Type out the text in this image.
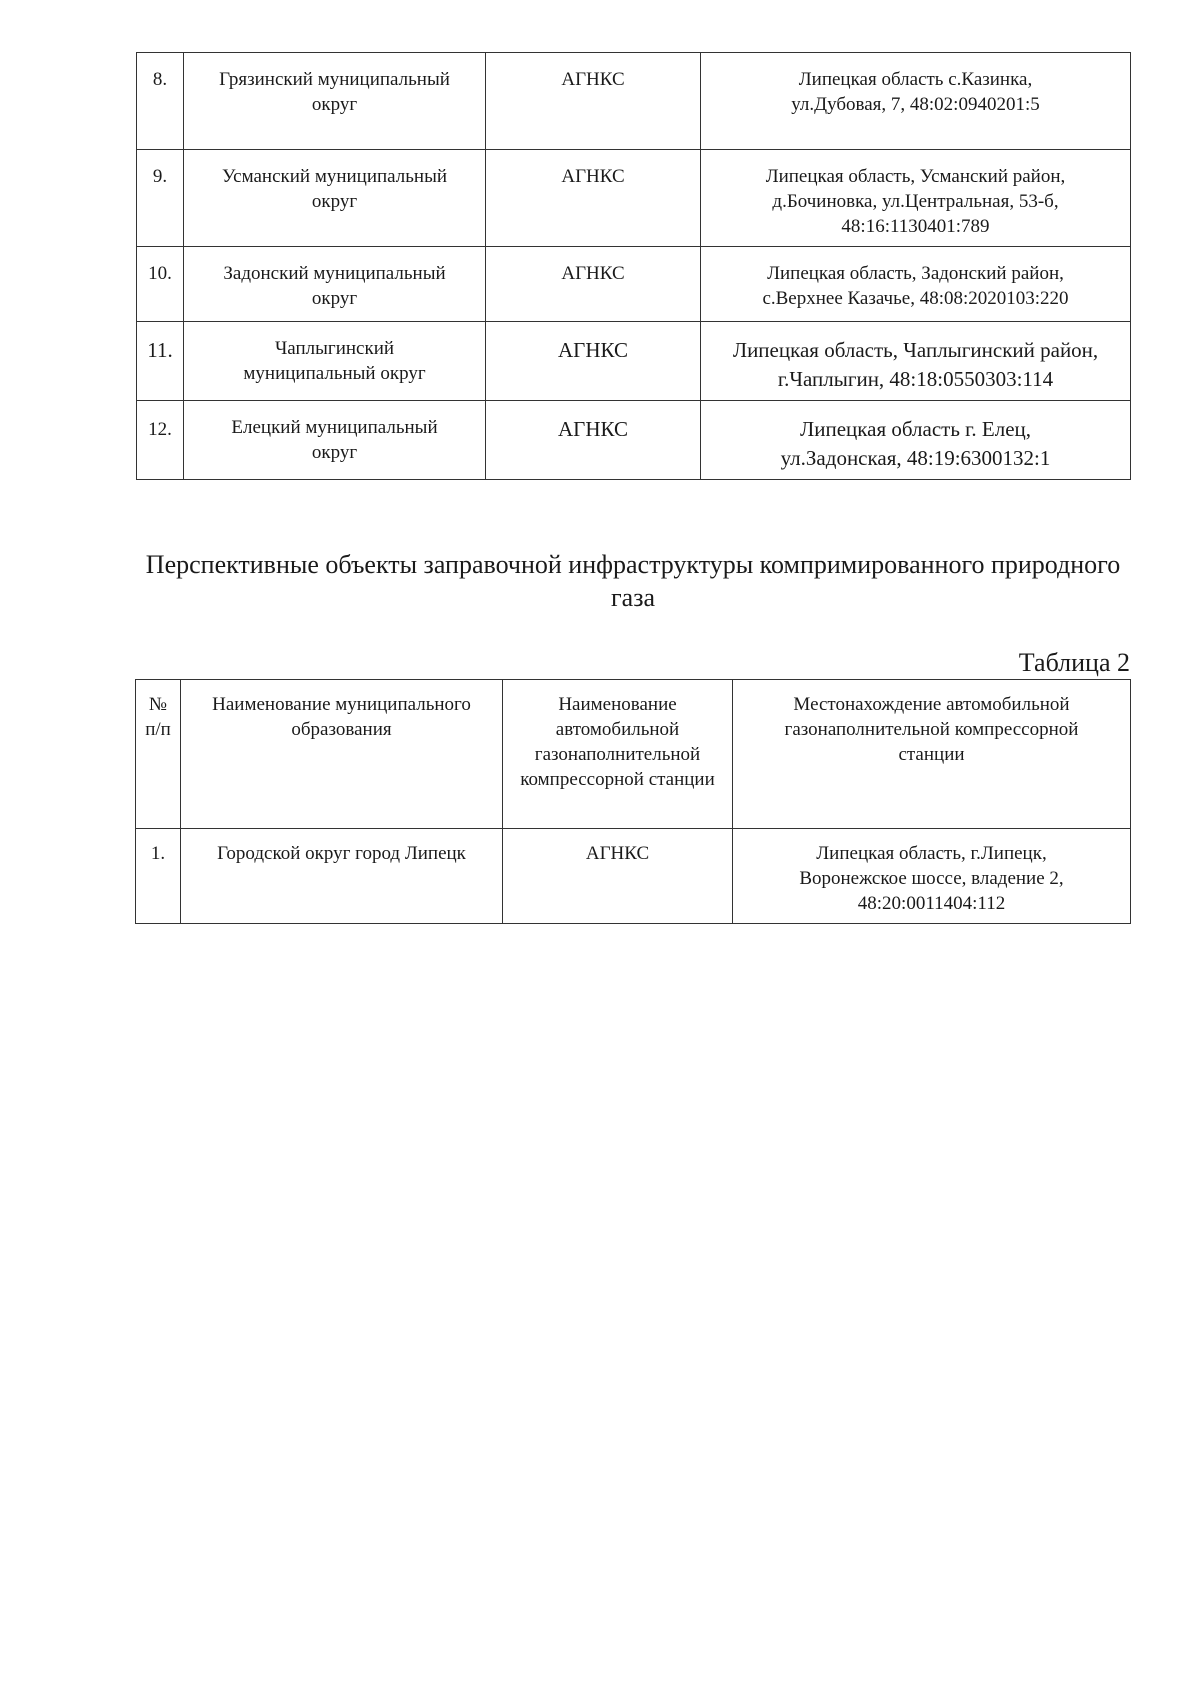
8.	Грязинский муниципальный округ	АГНКС	Липецкая область с.Казинка, ул.Дубовая, 7, 48:02:0940201:5
9.	Усманский муниципальный округ	АГНКС	Липецкая область, Усманский район, д.Бочиновка, ул.Центральная, 53-б, 48:16:1130401:789
10.	Задонский муниципальный округ	АГНКС	Липецкая область, Задонский район, с.Верхнее Казачье, 48:08:2020103:220
11.	Чаплыгинский муниципальный округ	АГНКС	Липецкая область, Чаплыгинский район, г.Чаплыгин, 48:18:0550303:114
12.	Елецкий муниципальный округ	АГНКС	Липецкая область г. Елец, ул.Задонская, 48:19:6300132:1
Перспективные объекты заправочной инфраструктуры компримированного природного газа
Таблица 2
№ п/п	Наименование муниципального образования	Наименование автомобильной газонаполнительной компрессорной станции	Местонахождение автомобильной газонаполнительной компрессорной станции
1.	Городской округ город Липецк	АГНКС	Липецкая область, г.Липецк, Воронежское шоссе, владение 2, 48:20:0011404:112
